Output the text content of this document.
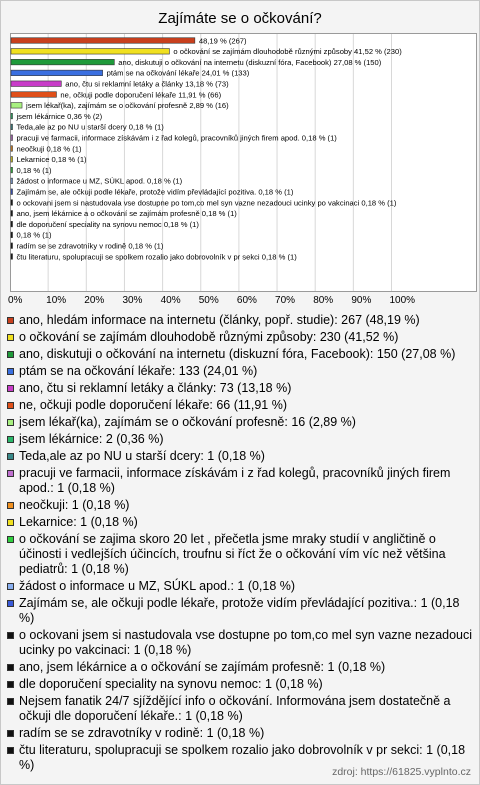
Zajímáte se o očkování?
48,19 % (267)
o očkování se zajímám dlouhodobě různými způsoby 41,52 % (230)
ano, diskutuji o očkování na internetu (diskuzní fóra, Facebook) 27,08 % (150)
ptám se na očkování lékaře 24,01 % (133)
ano, čtu si reklamní letáky a články 13,18 % (73)
ne, očkuji podle doporučení lékaře 11,91 % (66)
jsem lékař(ka), zajímám se o očkování profesně 2,89 % (16)
jsem lékárnice 0,36 % (2)
Teda,ale az po NU u starší dcery 0,18 % (1)
pracuji ve farmacii, informace získávám i z řad kolegů, pracovníků jiných firem apod. 0,18 % (1)
neočkuji 0,18 % (1)
Lekarnice 0,18 % (1)
0,18 % (1)
žádost o informace u MZ, SÚKL apod. 0,18 % (1)
Zajímám se, ale očkuji podle lékaře, protože vidím převládající pozitiva. 0,18 % (1)
o ockovani jsem si nastudovala vse dostupne po tom,co mel syn vazne nezadouci ucinky po vakcinaci 0,18 % (1)
ano, jsem lékárnice a o očkování se zajímám profesně 0,18 % (1)
dle doporučení speciality na synovu nemoc 0,18 % (1)
0,18 % (1)
radím se se zdravotníky v rodině 0,18 % (1)
čtu literaturu, spolupracuji se spolkem rozalio jako dobrovolník v pr sekci 0,18 % (1)
0% 10% 20% 30% 40% 50% 60% 70% 80% 90% 100%
ano, hledám informace na internetu (články, popř. studie): 267 (48,19 %)
o očkování se zajímám dlouhodobě různými způsoby: 230 (41,52 %)
ano, diskutuji o očkování na internetu (diskuzní fóra, Facebook): 150 (27,08 %)
ptám se na očkování lékaře: 133 (24,01 %)
ano, čtu si reklamní letáky a články: 73 (13,18 %)
ne, očkuji podle doporučení lékaře: 66 (11,91 %)
jsem lékař(ka), zajímám se o očkování profesně: 16 (2,89 %)
jsem lékárnice: 2 (0,36 %)
Teda,ale az po NU u starší dcery: 1 (0,18 %)
pracuji ve farmacii, informace získávám i z řad kolegů, pracovníků jiných firem apod.: 1 (0,18 %)
neočkuji: 1 (0,18 %)
Lekarnice: 1 (0,18 %)
o očkování se zajima skoro 20 let , přečetla jsme mraky studií v angličtině o účinosti i vedlejších účincích, troufnu si říct že o očkování vím víc než většina pediatrů: 1 (0,18 %)
žádost o informace u MZ, SÚKL apod.: 1 (0,18 %)
Zajímám se, ale očkuji podle lékaře, protože vidím převládající pozitiva.: 1 (0,18 %)
o ockovani jsem si nastudovala vse dostupne po tom,co mel syn vazne nezadouci ucinky po vakcinaci: 1 (0,18 %)
ano, jsem lékárnice a o očkování se zajímám profesně: 1 (0,18 %)
dle doporučení speciality na synovu nemoc: 1 (0,18 %)
Nejsem fanatik 24/7 sjíždějící info o očkování. Informována jsem dostatečně a očkuji dle doporučení lékaře.: 1 (0,18 %)
radím se se zdravotníky v rodině: 1 (0,18 %)
čtu literaturu, spolupracuji se spolkem rozalio jako dobrovolník v pr sekci: 1 (0,18 %)	zdroj: https://61825.vyplnto.cz
